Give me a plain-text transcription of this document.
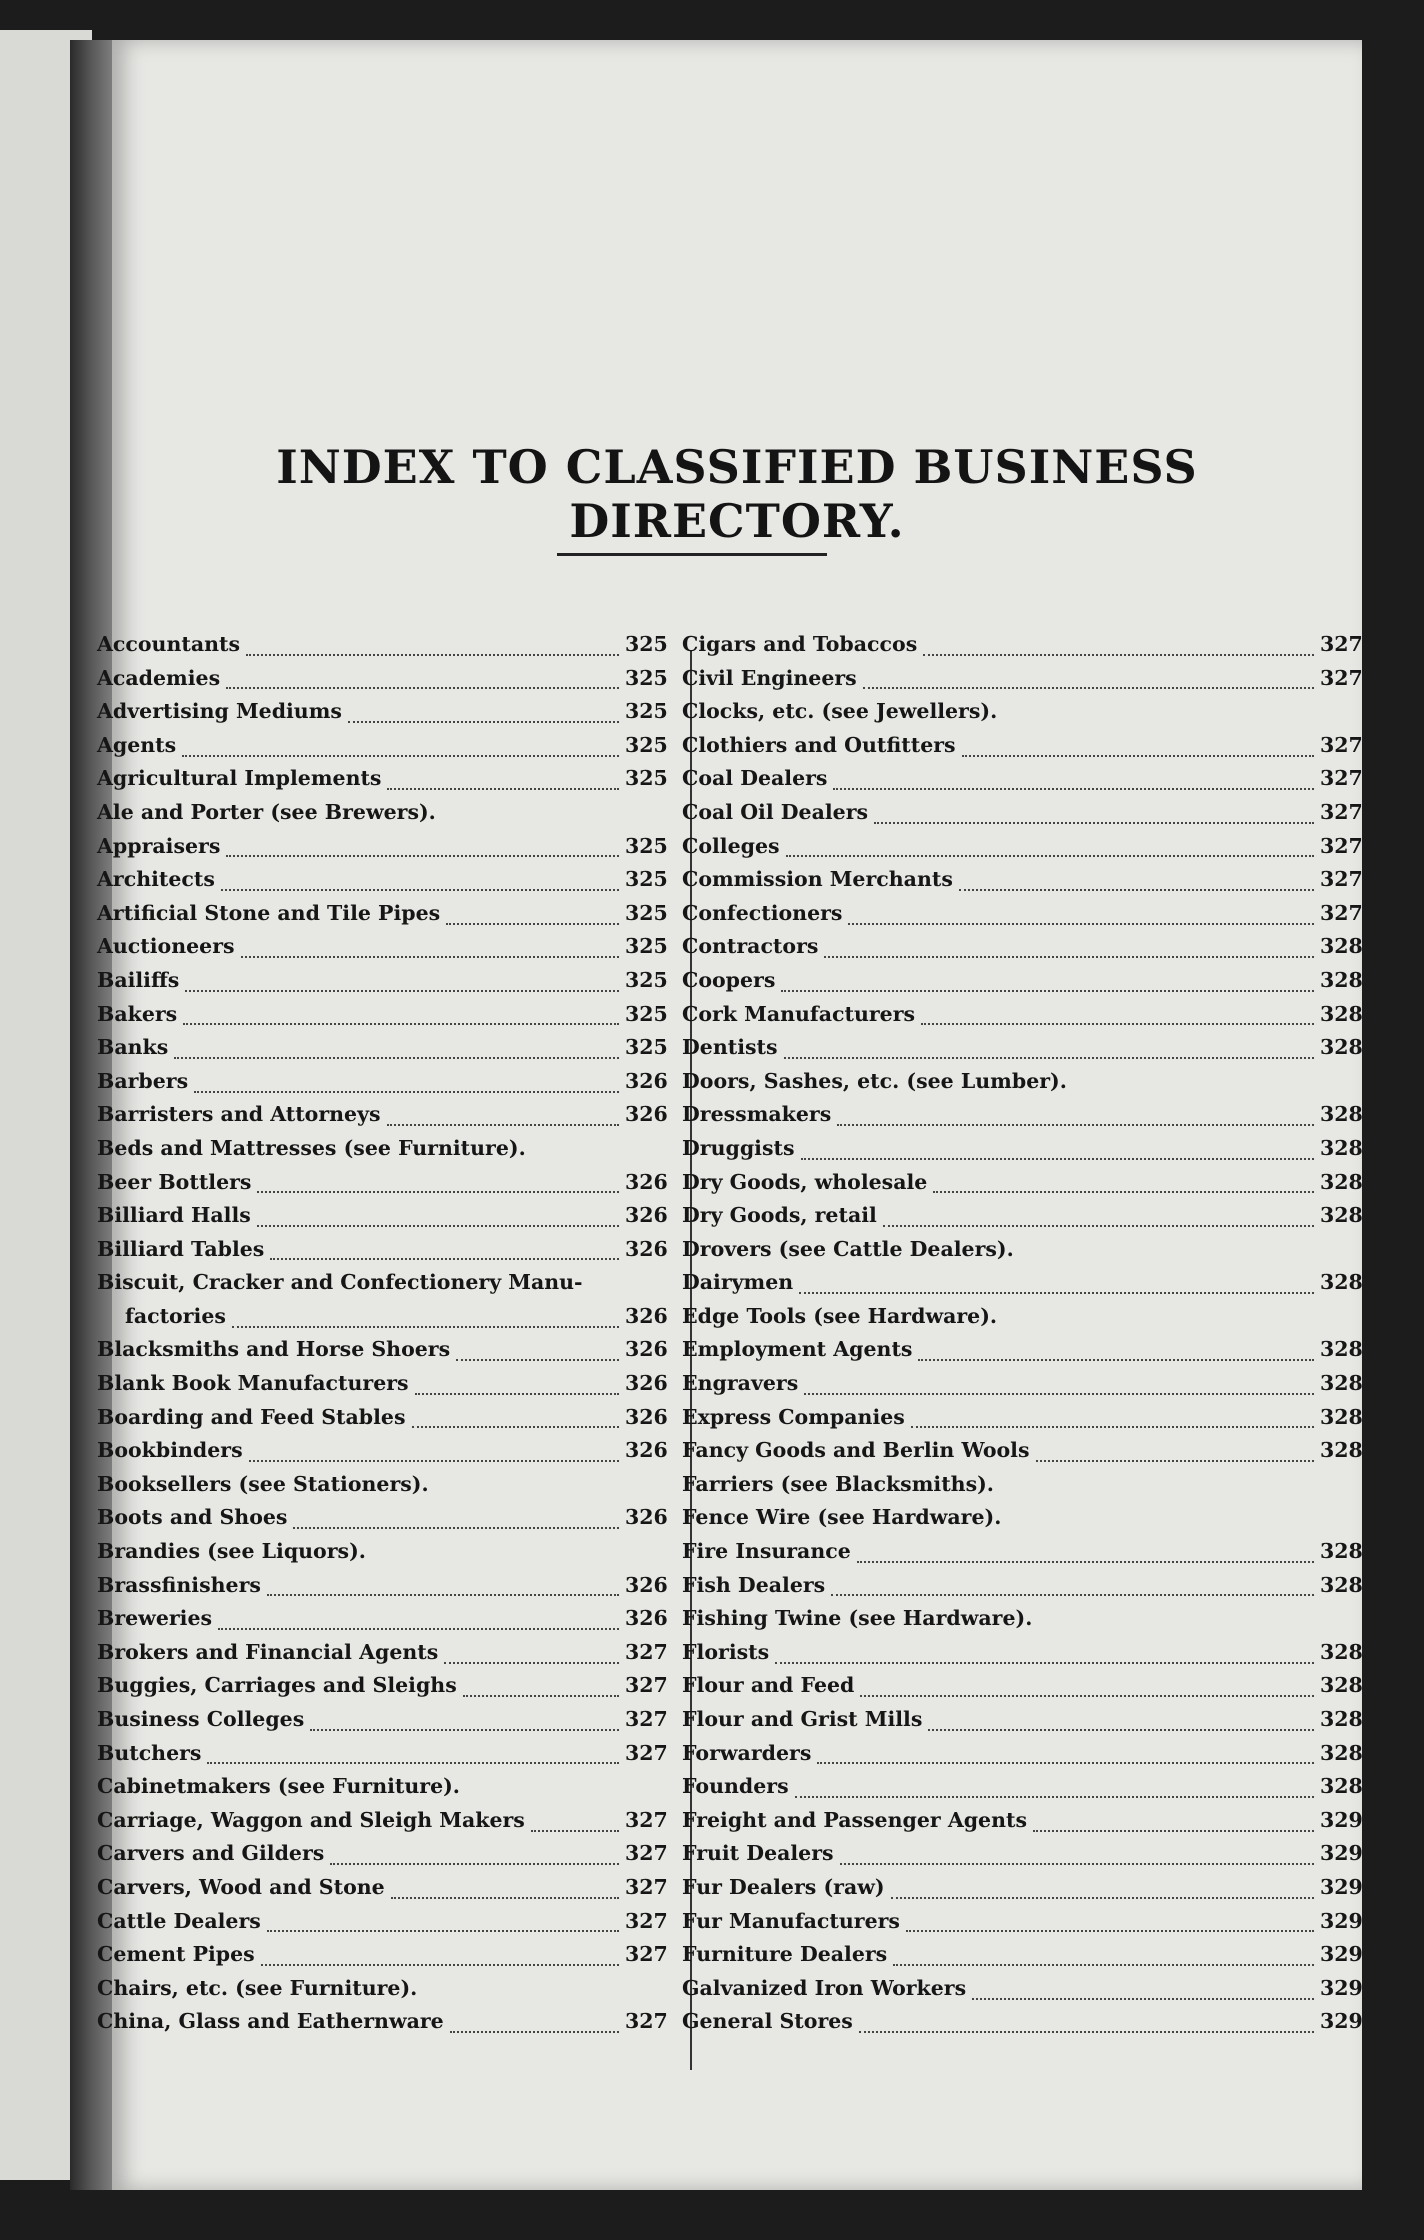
INDEX TO CLASSIFIED BUSINESS DIRECTORY.
Accountants	325
Academies	325
Advertising Mediums	325
Agents	325
Agricultural Implements	325
Ale and Porter (see Brewers).
Appraisers	325
Architects	325
Artificial Stone and Tile Pipes	325
Auctioneers	325
Bailiffs	325
Bakers	325
Banks	325
Barbers	326
Barristers and Attorneys	326
Beds and Mattresses (see Furniture).
Beer Bottlers	326
Billiard Halls	326
Billiard Tables	326
Biscuit, Cracker and Confectionery Manu-
factories	326
Blacksmiths and Horse Shoers	326
Blank Book Manufacturers	326
Boarding and Feed Stables	326
Bookbinders	326
Booksellers (see Stationers).
Boots and Shoes	326
Brandies (see Liquors).
Brassfinishers	326
Breweries	326
Brokers and Financial Agents	327
Buggies, Carriages and Sleighs	327
Business Colleges	327
Butchers	327
Cabinetmakers (see Furniture).
Carriage, Waggon and Sleigh Makers	327
Carvers and Gilders	327
Carvers, Wood and Stone	327
Cattle Dealers	327
Cement Pipes	327
Chairs, etc. (see Furniture).
China, Glass and Eathernware	327
Cigars and Tobaccos	327
Civil Engineers	327
Clocks, etc. (see Jewellers).
Clothiers and Outfitters	327
Coal Dealers	327
Coal Oil Dealers	327
Colleges	327
Commission Merchants	327
Confectioners	327
Contractors	328
Coopers	328
Cork Manufacturers	328
Dentists	328
Doors, Sashes, etc. (see Lumber).
Dressmakers	328
Druggists	328
Dry Goods, wholesale	328
Dry Goods, retail	328
Drovers (see Cattle Dealers).
Dairymen	328
Edge Tools (see Hardware).
Employment Agents	328
Engravers	328
Express Companies	328
Fancy Goods and Berlin Wools	328
Farriers (see Blacksmiths).
Fence Wire (see Hardware).
Fire Insurance	328
Fish Dealers	328
Fishing Twine (see Hardware).
Florists	328
Flour and Feed	328
Flour and Grist Mills	328
Forwarders	328
Founders	328
Freight and Passenger Agents	329
Fruit Dealers	329
Fur Dealers (raw)	329
Fur Manufacturers	329
Furniture Dealers	329
Galvanized Iron Workers	329
General Stores	329
